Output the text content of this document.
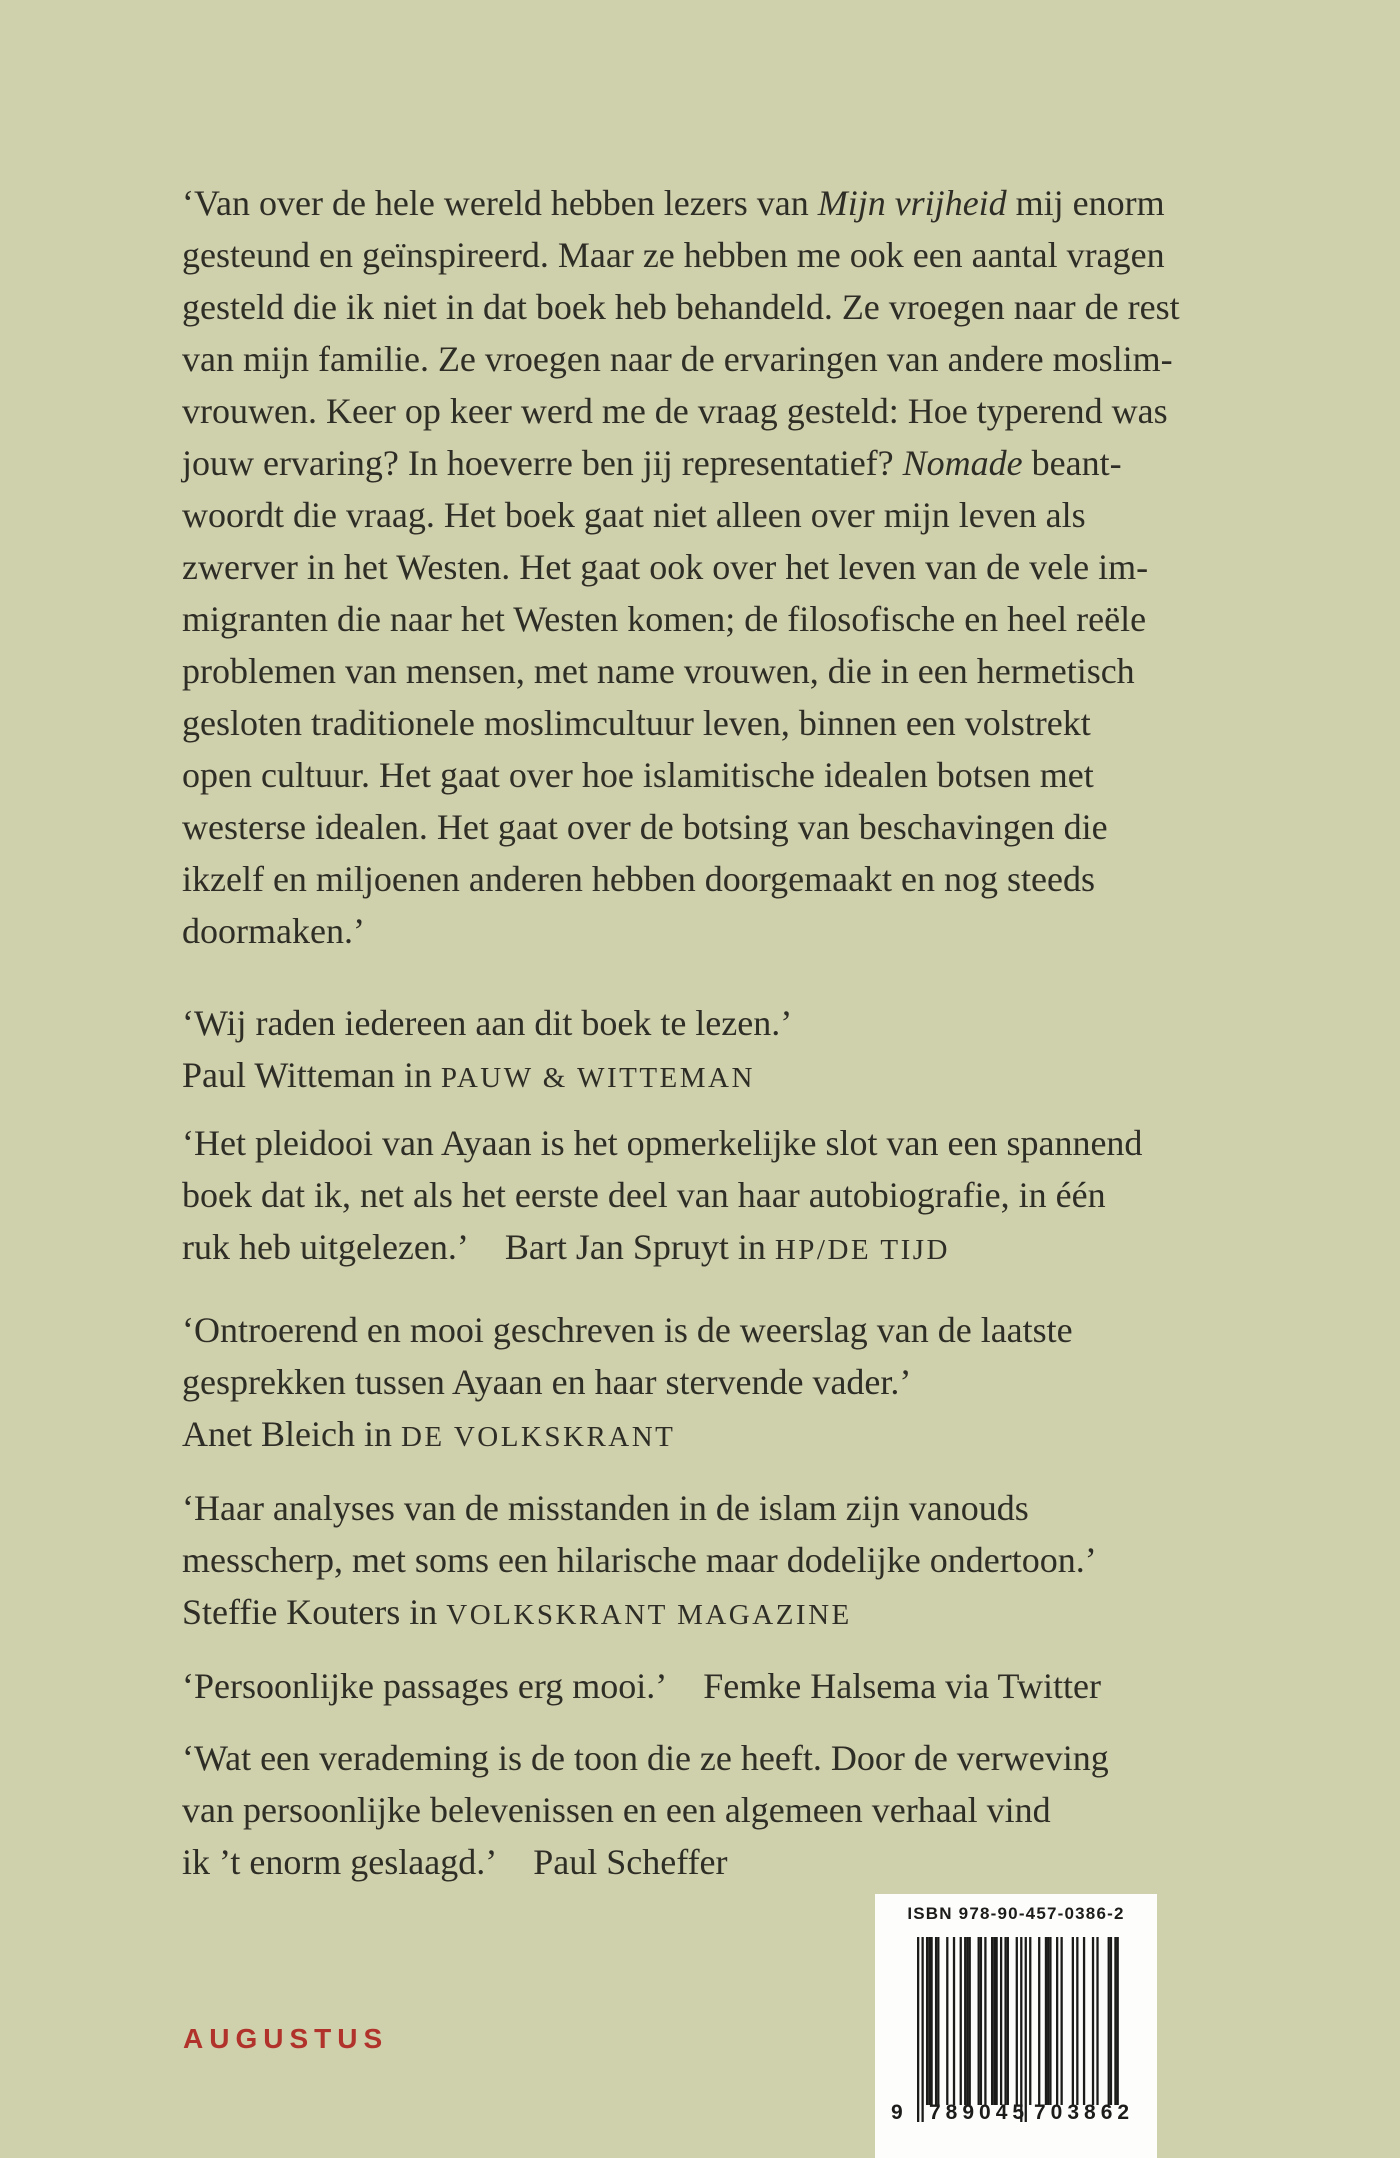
‘Van over de hele wereld hebben lezers van Mijn vrijheid mij enorm
gesteund en geïnspireerd. Maar ze hebben me ook een aantal vragen
gesteld die ik niet in dat boek heb behandeld. Ze vroegen naar de rest
van mijn familie. Ze vroegen naar de ervaringen van andere moslim-
vrouwen. Keer op keer werd me de vraag gesteld: Hoe typerend was
jouw ervaring? In hoeverre ben jij representatief? Nomade beant-
woordt die vraag. Het boek gaat niet alleen over mijn leven als
zwerver in het Westen. Het gaat ook over het leven van de vele im-
migranten die naar het Westen komen; de filosofische en heel reële
problemen van mensen, met name vrouwen, die in een hermetisch
gesloten traditionele moslimcultuur leven, binnen een volstrekt
open cultuur. Het gaat over hoe islamitische idealen botsen met
westerse idealen. Het gaat over de botsing van beschavingen die
ikzelf en miljoenen anderen hebben doorgemaakt en nog steeds
doormaken.’
‘Wij raden iedereen aan dit boek te lezen.’
Paul Witteman in PAUW & WITTEMAN
‘Het pleidooi van Ayaan is het opmerkelijke slot van een spannend
boek dat ik, net als het eerste deel van haar autobiografie, in één
ruk heb uitgelezen.’ Bart Jan Spruyt in HP/DE TIJD
‘Ontroerend en mooi geschreven is de weerslag van de laatste
gesprekken tussen Ayaan en haar stervende vader.’
Anet Bleich in DE VOLKSKRANT
‘Haar analyses van de misstanden in de islam zijn vanouds
messcherp, met soms een hilarische maar dodelijke ondertoon.’
Steffie Kouters in VOLKSKRANT MAGAZINE
‘Persoonlijke passages erg mooi.’ Femke Halsema via Twitter
‘Wat een verademing is de toon die ze heeft. Door de verweving
van persoonlijke belevenissen en een algemeen verhaal vind
ik ’t enorm geslaagd.’ Paul Scheffer
AUGUSTUS
ISBN 978-90-457-0386-2
9 789045 703862
